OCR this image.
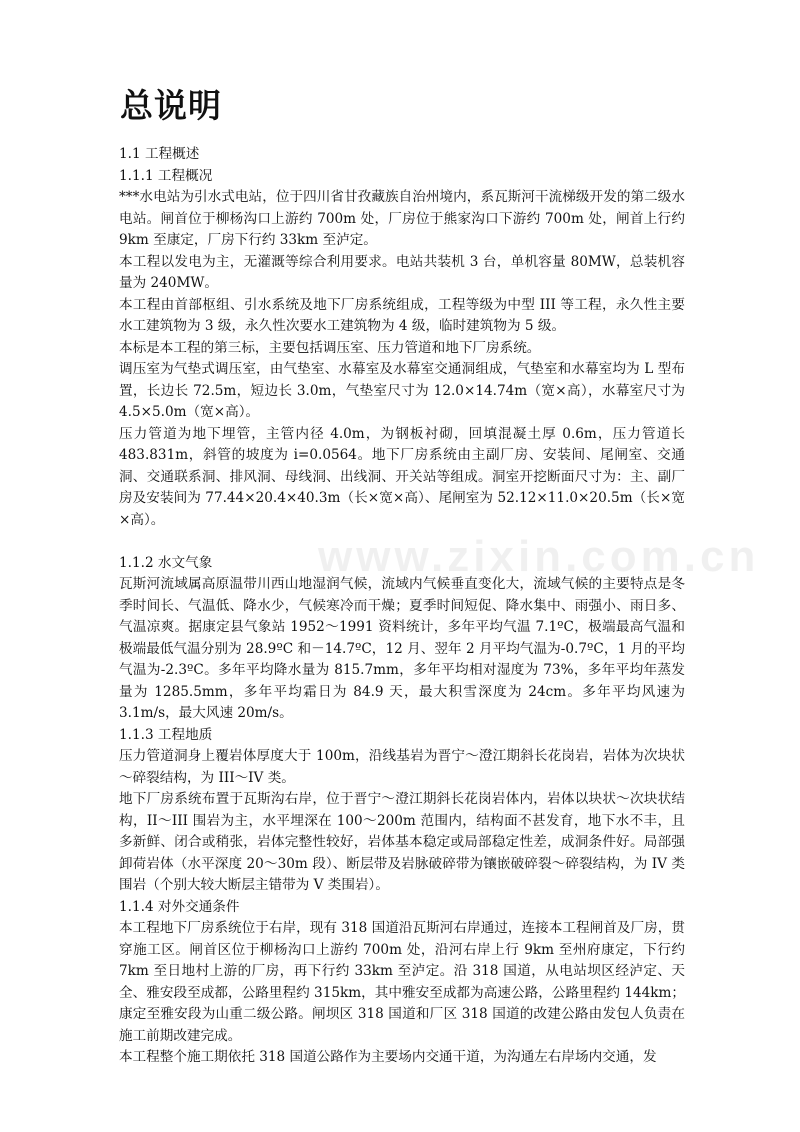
www.zixin.com.cn
总说明

1.1 工程概述

1.1.1 工程概况

***水电站为引水式电站，位于四川省甘孜藏族自治州境内，系瓦斯河干流梯级开发的第二级水电站。闸首位于柳杨沟口上游约 700m 处，厂房位于熊家沟口下游约 700m 处，闸首上行约 9km 至康定，厂房下行约 33km 至泸定。

本工程以发电为主，无灌溉等综合利用要求。电站共装机 3 台，单机容量 80MW，总装机容量为 240MW。

本工程由首部枢组、引水系统及地下厂房系统组成，工程等级为中型 III 等工程，永久性主要水工建筑物为 3 级，永久性次要水工建筑物为 4 级，临时建筑物为 5 级。

本标是本工程的第三标，主要包括调压室、压力管道和地下厂房系统。

调压室为气垫式调压室，由气垫室、水幕室及水幕室交通洞组成，气垫室和水幕室均为 L 型布置，长边长 72.5m，短边长 3.0m，气垫室尺寸为 12.0×14.74m（宽×高），水幕室尺寸为 4.5×5.0m（宽×高）。

压力管道为地下埋管，主管内径 4.0m，为钢板衬砌，回填混凝土厚 0.6m，压力管道长 483.831m，斜管的坡度为 i=0.0564。地下厂房系统由主副厂房、安装间、尾闸室、交通洞、交通联系洞、排风洞、母线洞、出线洞、开关站等组成。洞室开挖断面尺寸为：主、副厂房及安装间为 77.44×20.4×40.3m（长×宽×高）、尾闸室为 52.12×11.0×20.5m（长×宽×高）。

1.1.2 水文气象

瓦斯河流域属高原温带川西山地湿润气候，流域内气候垂直变化大，流域气候的主要特点是冬季时间长、气温低、降水少，气候寒冷而干燥；夏季时间短促、降水集中、雨强小、雨日多、气温凉爽。据康定县气象站 1952～1991 资料统计，多年平均气温 7.1ºC，极端最高气温和极端最低气温分别为 28.9ºC 和－14.7ºC，12 月、翌年 2 月平均气温为-0.7ºC，1 月的平均气温为-2.3ºC。多年平均降水量为 815.7mm，多年平均相对湿度为 73%，多年平均年蒸发量为 1285.5mm，多年平均霜日为 84.9 天，最大积雪深度为 24cm。多年平均风速为 3.1m/s，最大风速 20m/s。

1.1.3 工程地质

压力管道洞身上覆岩体厚度大于 100m，沿线基岩为晋宁～澄江期斜长花岗岩，岩体为次块状～碎裂结构，为 III～IV 类。

地下厂房系统布置于瓦斯沟右岸，位于晋宁～澄江期斜长花岗岩体内，岩体以块状～次块状结构，II～III 围岩为主，水平埋深在 100～200m 范围内，结构面不甚发育，地下水不丰，且多新鲜、闭合或稍张，岩体完整性较好，岩体基本稳定或局部稳定性差，成洞条件好。局部强卸荷岩体（水平深度 20～30m 段）、断层带及岩脉破碎带为镶嵌破碎裂～碎裂结构，为 IV 类围岩（个别大较大断层主错带为 V 类围岩）。

1.1.4 对外交通条件

本工程地下厂房系统位于右岸，现有 318 国道沿瓦斯河右岸通过，连接本工程闸首及厂房，贯穿施工区。闸首区位于柳杨沟口上游约 700m 处，沿河右岸上行 9km 至州府康定，下行约 7km 至日地村上游的厂房，再下行约 33km 至泸定。沿 318 国道，从电站坝区经泸定、天全、雅安段至成都，公路里程约 315km，其中雅安至成都为高速公路，公路里程约 144km；康定至雅安段为山重二级公路。闸坝区 318 国道和厂区 318 国道的改建公路由发包人负责在施工前期改建完成。

本工程整个施工期依托 318 国道公路作为主要场内交通干道，为沟通左右岸场内交通，发
